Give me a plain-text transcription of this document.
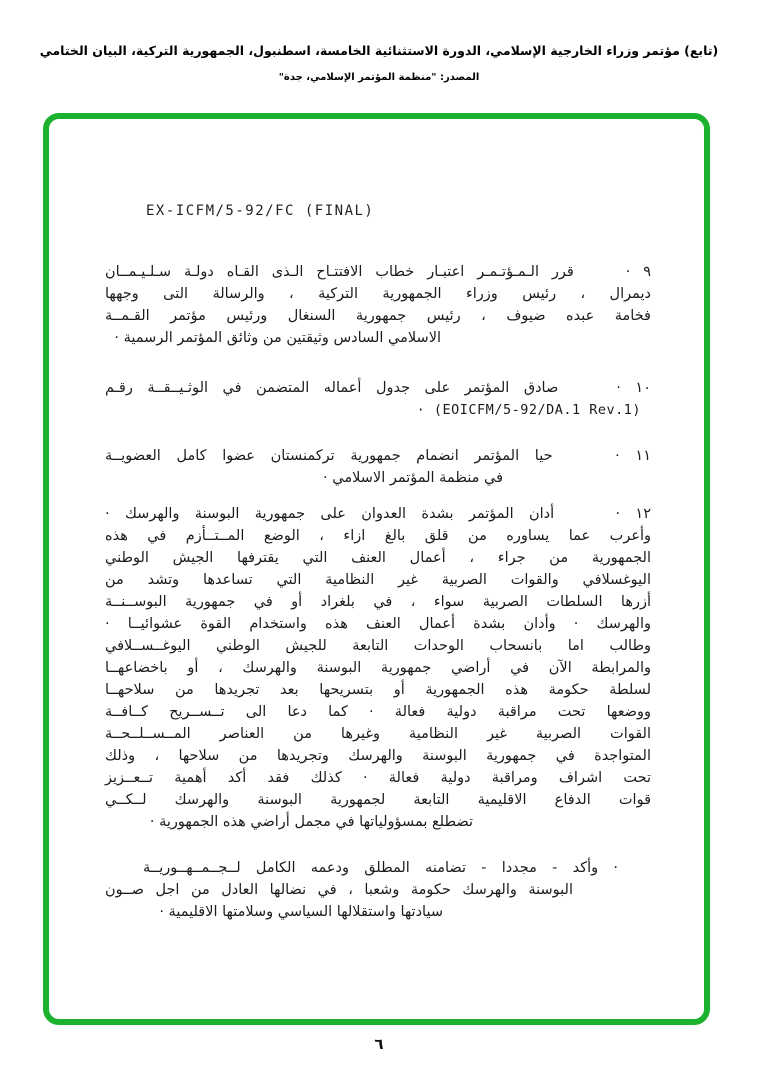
(تابع) مؤتمر وزراء الخارجية الإسلامي، الدورة الاستثنائية الخامسة، اسطنبول، الجمهورية التركية، البيان الختامي
المصدر: "منظمة المؤتمر الإسلامي، جدة"
EX-ICFM/5-92/FC (FINAL)
٩ ·    قرر الـمـؤتـمـر اعتبـار خطاب الافتتـاح الـذى القـاه دولـة سـلـيـمــان
ديمرال ، رئيس وزراء الجمهورية التركية ، والرسالة التى وجهها
فخامة عبده ضيوف ، رئيس جمهورية السنغال ورئيس مؤتمر القـمــة
الاسلامي السادس وثيقتين من وثائق المؤتمر الرسمية ·
١٠ ·    صادق المؤتمر على جدول أعماله المتضمن في الوثـيــقــة رقـم
(EOICFM/5-92/DA.1 Rev.1) ·
١١ ·    حيا المؤتمر انضمام جمهورية تركمنستان عضوا كامل العضويــة
في منظمة المؤتمر الاسلامي ·
١٢ ·    أدان المؤتمر بشدة العدوان على جمهورية البوسنة والهرسك ·
وأعرب عما يساوره من قلق بالغ ازاء ، الوضع المــتــأزم في هذه
الجمهورية من جراء ، أعمال العنف التي يقترفها الجيش الوطني
اليوغسلافي والقوات الصربية غير النظامية التي تساعدها وتشد من
أزرها السلطات الصربية سواء ، في بلغراد أو في جمهورية البوســنــة
والهرسك · وأدان بشدة أعمال العنف هذه واستخدام القوة عشوائيــا ·
وطالب اما بانسحاب الوحدات التابعة للجيش الوطني اليوغــســلافي
والمرابطة الآن في أراضي جمهورية البوسنة والهرسك ، أو باخضاعهــا
لسلطة حكومة هذه الجمهورية أو بتسريحها بعد تجريدها من سلاحهــا
ووضعها تحت مراقبة دولية فعالة · كما دعا الى تــســريح كــافــة
القوات الصربية غير النظامية وغيرها من العناصر المــســلــحــة
المتواجدة في جمهورية البوسنة والهرسك وتجريدها من سلاحها ، وذلك
تحت اشراف ومراقبة دولية فعالة · كذلك فقد أكد أهمية تــعــزيز
قوات الدفاع الاقليمية التابعة لجمهورية البوسنة والهرسك لــكــي
تضطلع بمسؤولياتها في مجمل أراضي هذه الجمهورية ·
· وأكد - مجددا - تضامنه المطلق ودعمه الكامل لــجــمــهــوريــة
البوسنة والهرسك حكومة وشعبا ، في نضالها العادل من اجل صــون
سيادتها واستقلالها السياسي وسلامتها الاقليمية ·
٦
